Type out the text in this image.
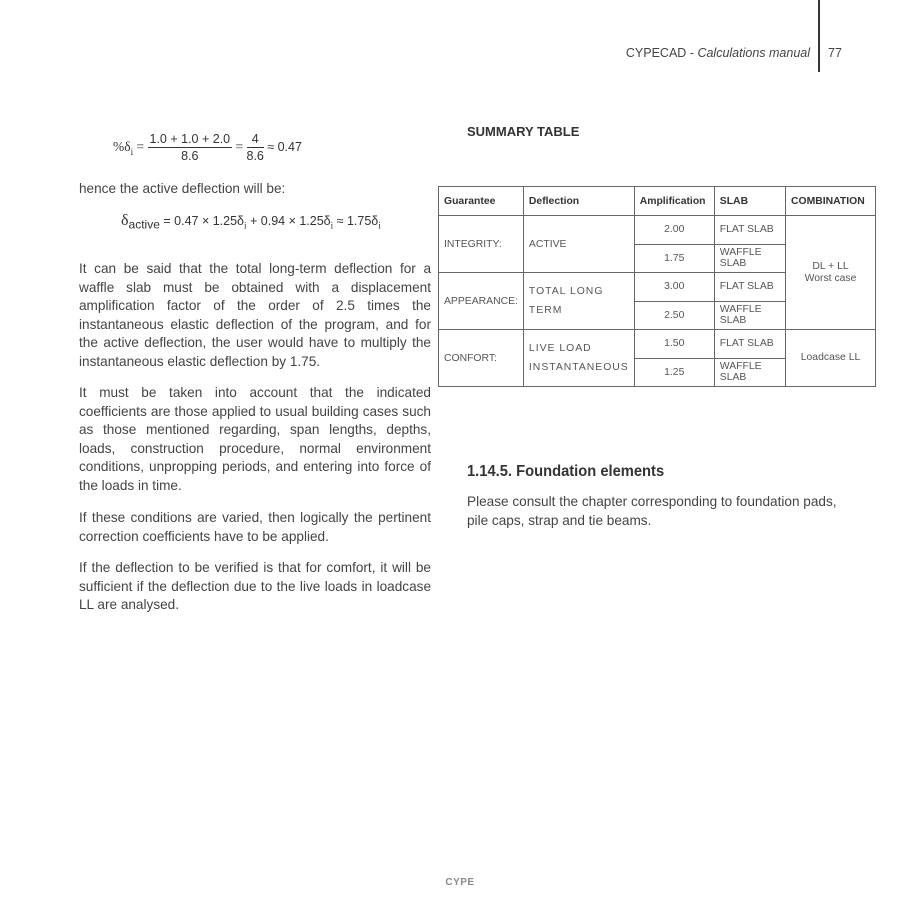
CYPECAD - Calculations manual 77
$\%\delta_i = \frac{1.0 + 1.0 + 2.0}{8.6} = \frac{4}{8.6} \approx 0.47$

hence the active deflection will be:

$\delta_{active} = 0.47 \times 1.25\delta_i + 0.94 \times 1.25\delta_i \approx 1.75\delta_i$

It can be said that the total long-term deflection for a waffle slab must be obtained with a displacement amplification factor of the order of 2.5 times the instantaneous elastic deflection of the program, and for the active deflection, the user would have to multiply the instantaneous elastic deflection by 1.75.

It must be taken into account that the indicated coefficients are those applied to usual building cases such as those mentioned regarding, span lengths, depths, loads, construction procedure, normal environment conditions, unpropping periods, and entering into force of the loads in time.

If these conditions are varied, then logically the pertinent correction coefficients have to be applied.

If the deflection to be verified is that for comfort, it will be sufficient if the deflection due to the live loads in loadcase LL are analysed.

SUMMARY TABLE
Guarantee	Deflection	Amplification	SLAB	COMBINATION
INTEGRITY:	ACTIVE	2.00	FLAT SLAB	DL + LL
Worst case

		1.75	WAFFLE SLAB	
APPEARANCE:	TOTAL LONG TERM	3.00	FLAT SLAB	
		2.50	WAFFLE SLAB	
CONFORT:	LIVE LOAD INSTANTANEOUS	1.50	FLAT SLAB	Loadcase LL
		1.25	WAFFLE SLAB	
1.14.5. Foundation elements

Please consult the chapter corresponding to foundation pads, pile caps, strap and tie beams.

CYPE
